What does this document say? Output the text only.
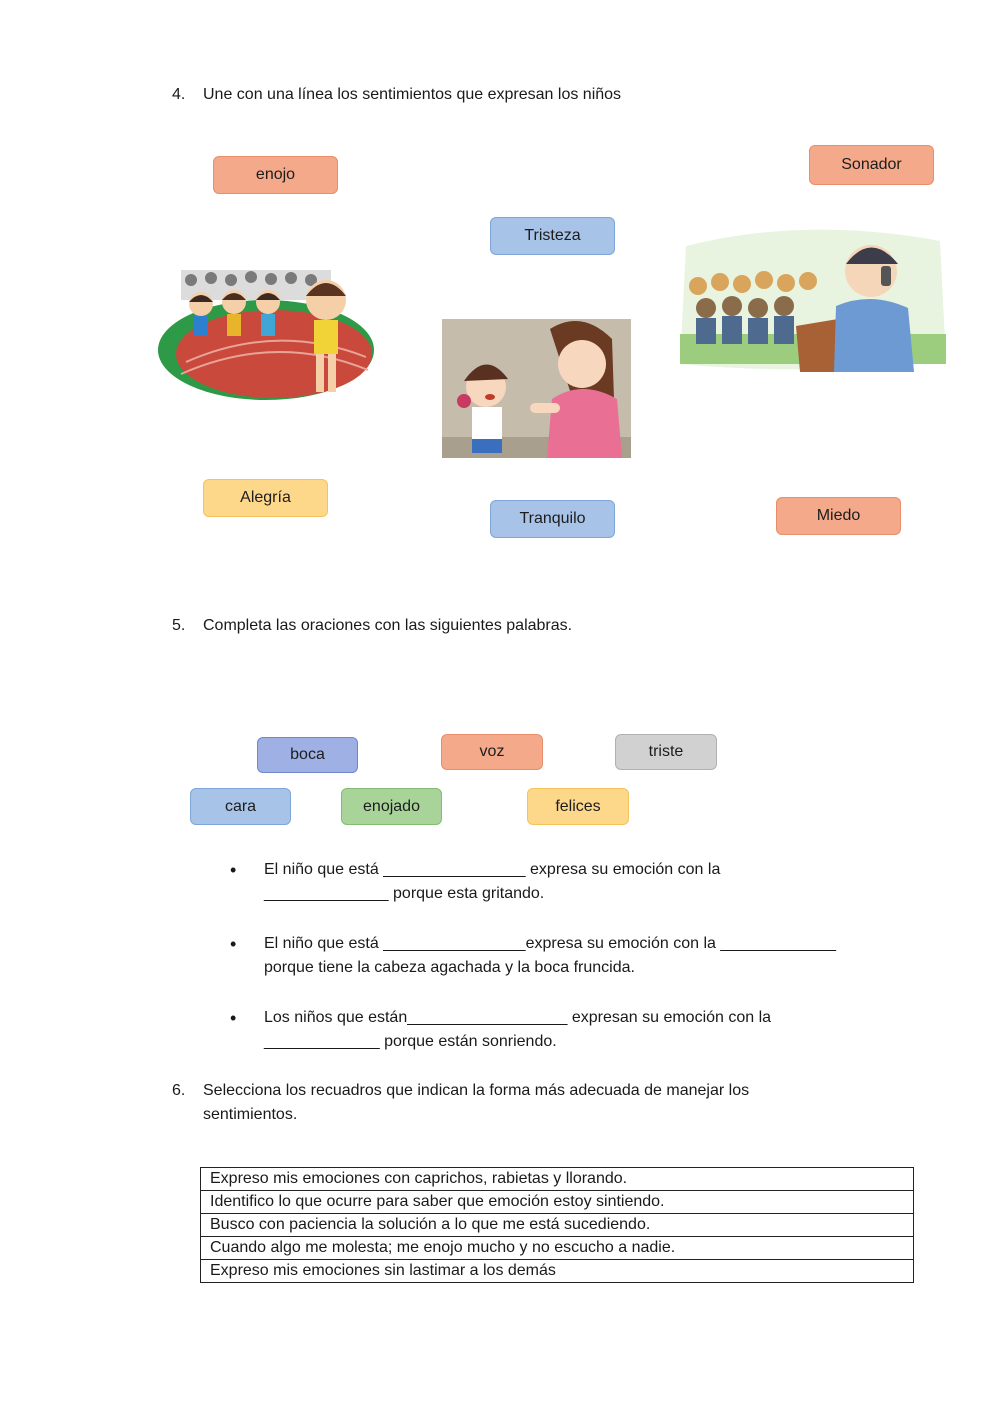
4. Une con una línea los sentimientos que expresan los niños
enojo
Sonador
Tristeza
Alegría
Tranquilo	Miedo
5. Completa las oraciones con las siguientes palabras.
boca	voz	triste
cara	enojado	felices
• El niño que está ________________ expresa su emoción con la
______________ porque esta gritando.
• El niño que está ________________expresa su emoción con la _____________
porque tiene la cabeza agachada y la boca fruncida.
• Los niños que están__________________ expresan su emoción con la
_____________ porque están sonriendo.
6. Selecciona los recuadros que indican la forma más adecuada de manejar los
sentimientos.
Expreso mis emociones con caprichos, rabietas y llorando.
Identifico lo que ocurre para saber que emoción estoy sintiendo.
Busco con paciencia la solución a lo que me está sucediendo.
Cuando algo me molesta; me enojo mucho y no escucho a nadie.
Expreso mis emociones sin lastimar a los demás
